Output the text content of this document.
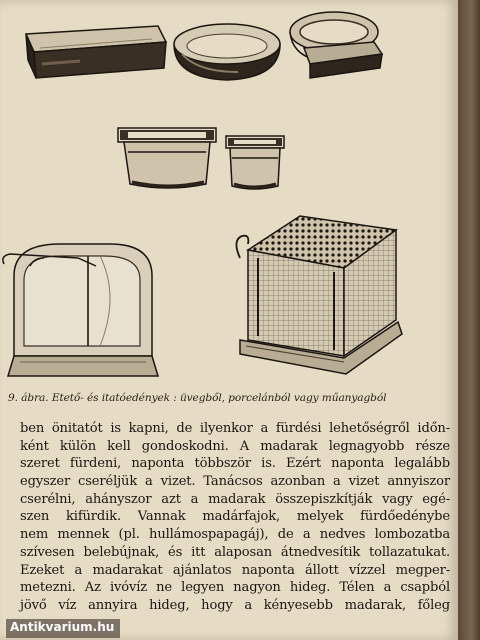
9. ábra. Etető- és itatóedények : üvegből, porcelánból vagy műanyagból
ben önitatót is kapni, de ilyenkor a fürdési lehetőségről időn-
ként külön kell gondoskodni. A madarak legnagyobb része
szeret fürdeni, naponta többször is. Ezért naponta legalább
egyszer cseréljük a vizet. Tanácsos azonban a vizet annyiszor
cserélni, ahányszor azt a madarak összepiszkítják vagy egé-
szen kifürdik. Vannak madárfajok, melyek fürdőedénybe
nem mennek (pl. hullámospapagáj), de a nedves lombozatba
szívesen belebújnak, és itt alaposan átnedvesítik tollazatukat.
Ezeket a madarakat ajánlatos naponta állott vízzel megper-
metezni. Az ivóvíz ne legyen nagyon hideg. Télen a csapból
jövő víz annyira hideg, hogy a kényesebb madarak, főleg
Antikvarium.hu
